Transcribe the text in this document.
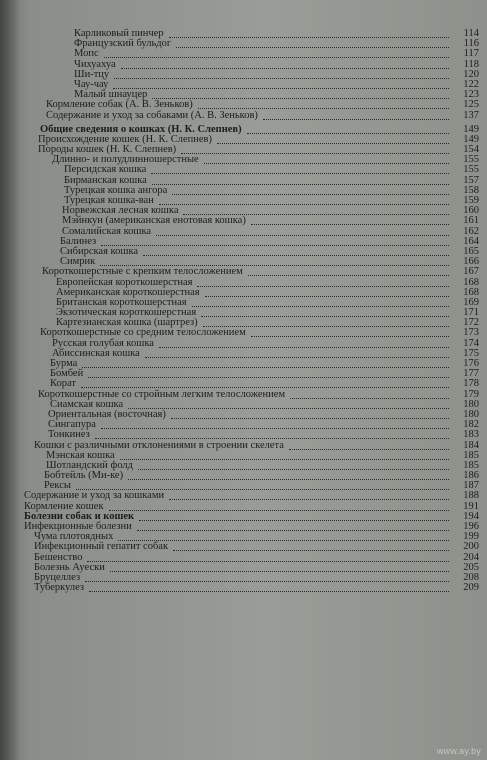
Карликовый пинчер	114
Французский бульдог	116
Мопс	117
Чихуахуа	118
Ши-тцу	120
Чау-чау	122
Малый шнауцер	123
Кормление собак (А. В. Зеньков)	125
Содержание и уход за собаками (А. В. Зеньков)	137
Общие сведения о кошках (Н. К. Слепнев)	149
Происхождение кошек (Н. К. Слепнев)	149
Породы кошек (Н. К. Слепнев)	154
Длинно- и полудлинношерстные	155
Персидская кошка	155
Бирманская кошка	157
Турецкая кошка ангора	158
Турецкая кошка-ван	159
Норвежская лесная кошка	160
Мэйнкун (американская енотовая кошка)	161
Сомалийская кошка	162
Балинез	164
Сибирская кошка	165
Симрик	166
Короткошерстные с крепким телосложением	167
Европейская короткошерстная	168
Американская короткошерстная	168
Британская короткошерстная	169
Экзотическая короткошерстная	171
Картезианская кошка (шартрез)	172
Короткошерстные со средним телосложением	173
Русская голубая кошка	174
Абиссинская кошка	175
Бурма	176
Бомбей	177
Корат	178
Короткошерстные со стройным легким телосложением	179
Сиамская кошка	180
Ориентальная (восточная)	180
Сингапура	182
Тонкинез	183
Кошки с различными отклонениями в строении скелета	184
Мэнская кошка	185
Шотландский фолд	185
Бобтейль (Ми-ке)	186
Рексы	187
Содержание и уход за кошками	188
Кормление кошек	191
Болезни собак и кошек	194
Инфекционные болезни	196
Чума плотоядных	199
Инфекционный гепатит собак	200
Бешенство	204
Болезнь Ауески	205
Бруцеллез	208
Туберкулез	209
www.ay.by
